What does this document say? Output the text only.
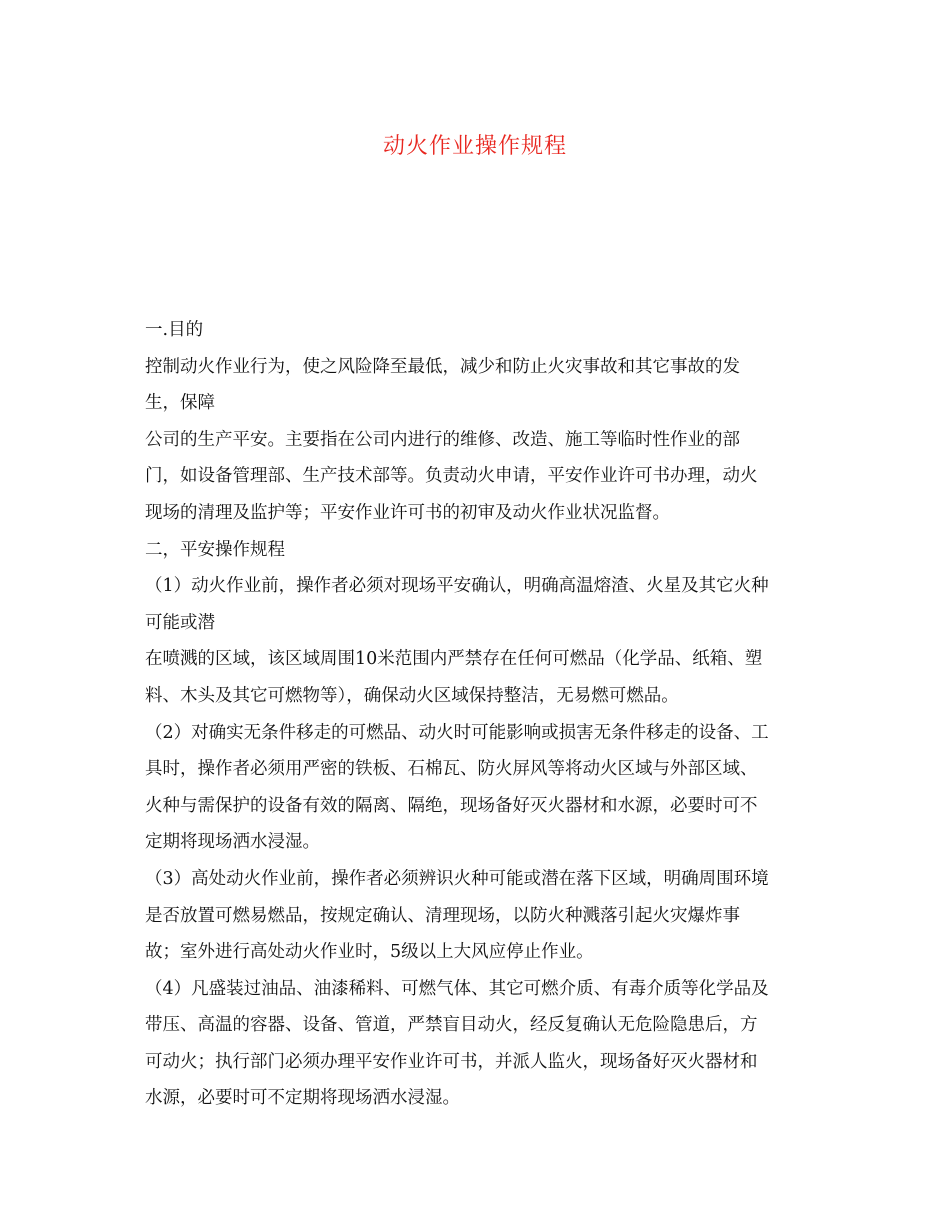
动火作业操作规程
一.目的
控制动火作业行为，使之风险降至最低，减少和防止火灾事故和其它事故的发
生，保障
公司的生产平安。主要指在公司内进行的维修、改造、施工等临时性作业的部
门，如设备管理部、生产技术部等。负责动火申请，平安作业许可书办理，动火
现场的清理及监护等；平安作业许可书的初审及动火作业状况监督。
二，平安操作规程
（1）动火作业前，操作者必须对现场平安确认，明确高温熔渣、火星及其它火种
可能或潜
在喷溅的区域，该区域周围10米范围内严禁存在任何可燃品（化学品、纸箱、塑
料、木头及其它可燃物等），确保动火区域保持整洁，无易燃可燃品。
（2）对确实无条件移走的可燃品、动火时可能影响或损害无条件移走的设备、工
具时，操作者必须用严密的铁板、石棉瓦、防火屏风等将动火区域与外部区域、
火种与需保护的设备有效的隔离、隔绝，现场备好灭火器材和水源，必要时可不
定期将现场洒水浸湿。
（3）高处动火作业前，操作者必须辨识火种可能或潜在落下区域，明确周围环境
是否放置可燃易燃品，按规定确认、清理现场，以防火种溅落引起火灾爆炸事
故；室外进行高处动火作业时，5级以上大风应停止作业。
（4）凡盛装过油品、油漆稀料、可燃气体、其它可燃介质、有毒介质等化学品及
带压、高温的容器、设备、管道，严禁盲目动火，经反复确认无危险隐患后，方
可动火；执行部门必须办理平安作业许可书，并派人监火，现场备好灭火器材和
水源，必要时可不定期将现场洒水浸湿。
